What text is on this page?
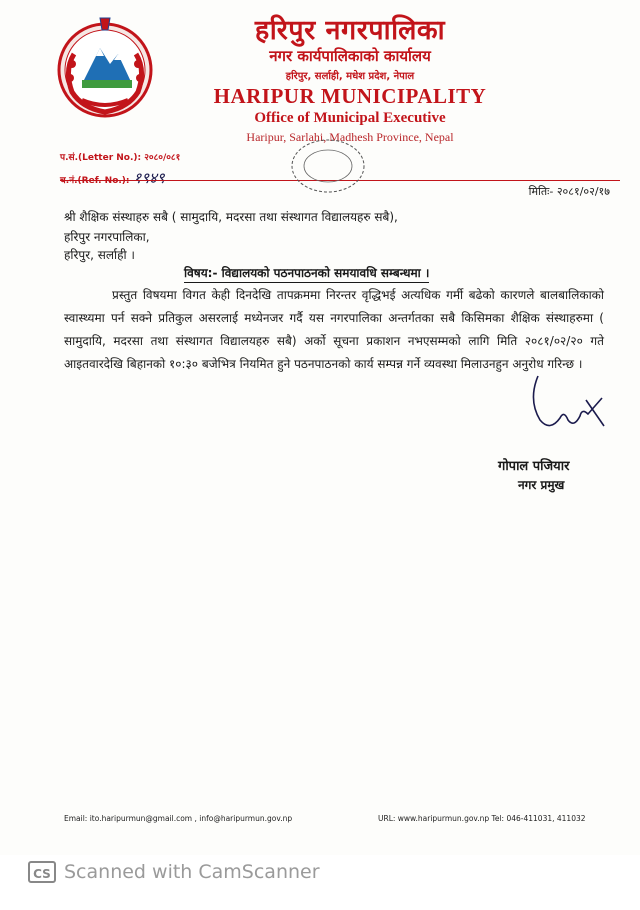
हरिपुर नगरपालिका
नगर कार्यपालिकाको कार्यालय
हरिपुर, सर्लाही, मधेश प्रदेश, नेपाल
HARIPUR MUNICIPALITY
Office of Municipal Executive
Haripur, Sarlahi, Madhesh Province, Nepal
प.सं.(Letter No.): २०८०/०८१
च.नं.(Ref. No.): १९४९
मितिः- २०८१/०२/१७
श्री शैक्षिक संस्थाहरु सबै ( सामुदायि, मदरसा तथा संस्थागत विद्यालयहरु सबै),
हरिपुर नगरपालिका,
हरिपुर, सर्लाही ।
विषय:- विद्यालयको पठनपाठनको समयावधि सम्बन्धमा ।
प्रस्तुत विषयमा विगत केही दिनदेखि तापक्रममा निरन्तर वृद्धिभई अत्यधिक गर्मी बढेको कारणले बालबालिकाको स्वास्थ्यमा पर्न सक्ने प्रतिकुल असरलाई मध्येनजर गर्दै यस नगरपालिका अन्तर्गतका सबै किसिमका शैक्षिक संस्थाहरुमा ( सामुदायि, मदरसा तथा संस्थागत विद्यालयहरु सबै) अर्को सूचना प्रकाशन नभएसम्मको लागि मिति २०८१/०२/२० गते आइतवारदेखि बिहानको १०:३० बजेभित्र नियमित हुने पठनपाठनको कार्य सम्पन्न गर्ने व्यवस्था मिलाउनहुन अनुरोध गरिन्छ ।
गोपाल पजियार
नगर प्रमुख
Email: ito.haripurmun@gmail.com , info@haripurmun.gov.np	URL: www.haripurmun.gov.np Tel: 046-411031, 411032
CS Scanned with CamScanner
